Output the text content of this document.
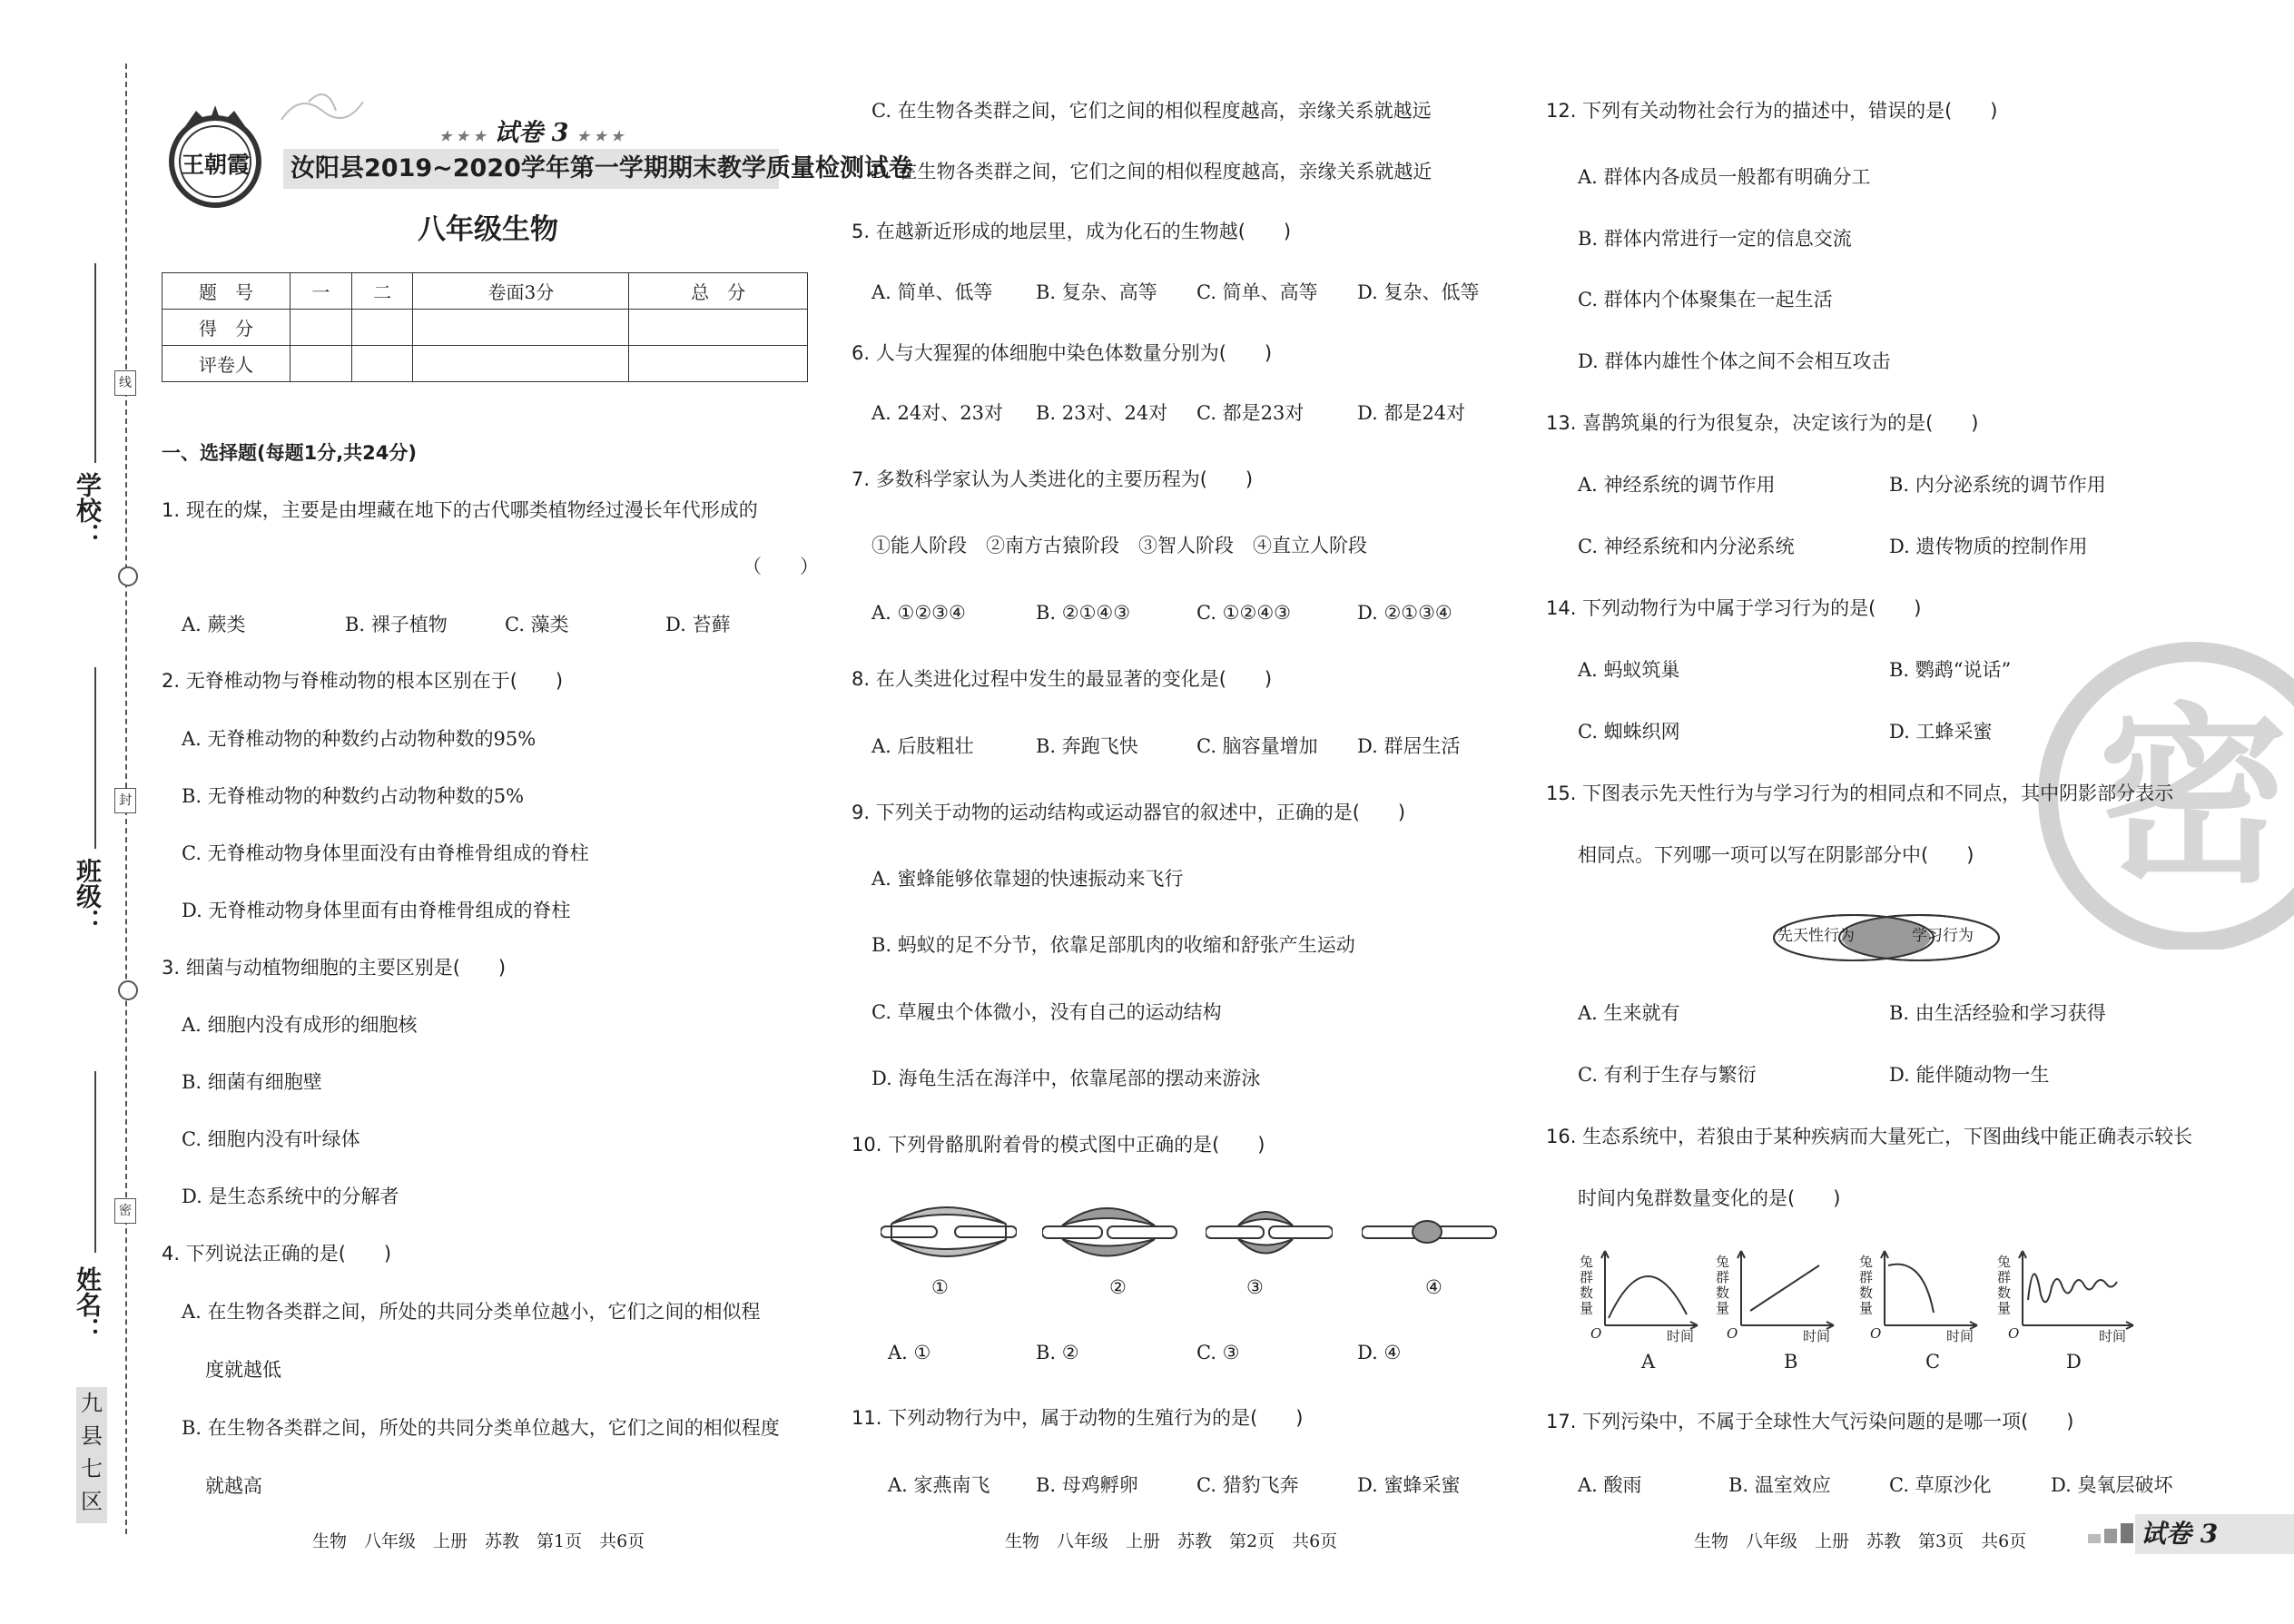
学校：
班级：
姓名：
线
封
密
九县七区
王朝霞
★ ★ ★ 试卷 3 ★ ★ ★
汝阳县2019~2020学年第一学期期末教学质量检测试卷
八年级生物
题　号	一	二	卷面3分	总　分
得　分				
评卷人				
一、选择题(每题1分,共24分)
1. 现在的煤，主要是由埋藏在地下的古代哪类植物经过漫长年代形成的
（　　）
A. 蕨类	B. 裸子植物	C. 藻类	D. 苔藓
2. 无脊椎动物与脊椎动物的根本区别在于(　　)
A. 无脊椎动物的种数约占动物种数的95%
B. 无脊椎动物的种数约占动物种数的5%
C. 无脊椎动物身体里面没有由脊椎骨组成的脊柱
D. 无脊椎动物身体里面有由脊椎骨组成的脊柱
3. 细菌与动植物细胞的主要区别是(　　)
A. 细胞内没有成形的细胞核
B. 细菌有细胞壁
C. 细胞内没有叶绿体
D. 是生态系统中的分解者
4. 下列说法正确的是(　　)
A. 在生物各类群之间，所处的共同分类单位越小，它们之间的相似程
度就越低
B. 在生物各类群之间，所处的共同分类单位越大，它们之间的相似程度
就越高
生物　八年级　上册　苏教　第1页　共6页
C. 在生物各类群之间，它们之间的相似程度越高，亲缘关系就越远
D. 在生物各类群之间，它们之间的相似程度越高，亲缘关系就越近
5. 在越新近形成的地层里，成为化石的生物越(　　)
A. 简单、低等 B. 复杂、高等 C. 简单、高等 D. 复杂、低等
6. 人与大猩猩的体细胞中染色体数量分别为(　　)
A. 24对、23对 B. 23对、24对 C. 都是23对	D. 都是24对
7. 多数科学家认为人类进化的主要历程为(　　)
①能人阶段　②南方古猿阶段　③智人阶段　④直立人阶段
A. ①②③④	B. ②①④③	C. ①②④③	D. ②①③④
8. 在人类进化过程中发生的最显著的变化是(　　)
A. 后肢粗壮	B. 奔跑飞快	C. 脑容量增加 D. 群居生活
9. 下列关于动物的运动结构或运动器官的叙述中，正确的是(　　)
A. 蜜蜂能够依靠翅的快速振动来飞行
B. 蚂蚁的足不分节，依靠足部肌肉的收缩和舒张产生运动
C. 草履虫个体微小，没有自己的运动结构
D. 海龟生活在海洋中，依靠尾部的摆动来游泳
10. 下列骨骼肌附着骨的模式图中正确的是(　　)
①	②	③	④
A. ①	B. ②	C. ③	D. ④
11. 下列动物行为中，属于动物的生殖行为的是(　　)
A. 家燕南飞 B. 母鸡孵卵	C. 猎豹飞奔	D. 蜜蜂采蜜
生物　八年级　上册　苏教　第2页　共6页
密
12. 下列有关动物社会行为的描述中，错误的是(　　)
A. 群体内各成员一般都有明确分工
B. 群体内常进行一定的信息交流
C. 群体内个体聚集在一起生活
D. 群体内雄性个体之间不会相互攻击
13. 喜鹊筑巢的行为很复杂，决定该行为的是(　　)
A. 神经系统的调节作用	B. 内分泌系统的调节作用
C. 神经系统和内分泌系统	D. 遗传物质的控制作用
14. 下列动物行为中属于学习行为的是(　　)
A. 蚂蚁筑巢	B. 鹦鹉“说话”
C. 蜘蛛织网	D. 工蜂采蜜
15. 下图表示先天性行为与学习行为的相同点和不同点，其中阴影部分表示
相同点。下列哪一项可以写在阴影部分中(　　)
先天性行为	学习行为
A. 生来就有	B. 由生活经验和学习获得
C. 有利于生存与繁衍	D. 能伴随动物一生
16. 生态系统中，若狼由于某种疾病而大量死亡，下图曲线中能正确表示较长
时间内兔群数量变化的是(　　)
兔群数量
O	时间
兔群数量
O	时间
兔群数量
O	时间
兔群数量
O	时间
A	B	C	D
17. 下列污染中，不属于全球性大气污染问题的是哪一项(　　)
A. 酸雨	B. 温室效应	C. 草原沙化	D. 臭氧层破坏
生物　八年级　上册　苏教　第3页　共6页	试卷 3
